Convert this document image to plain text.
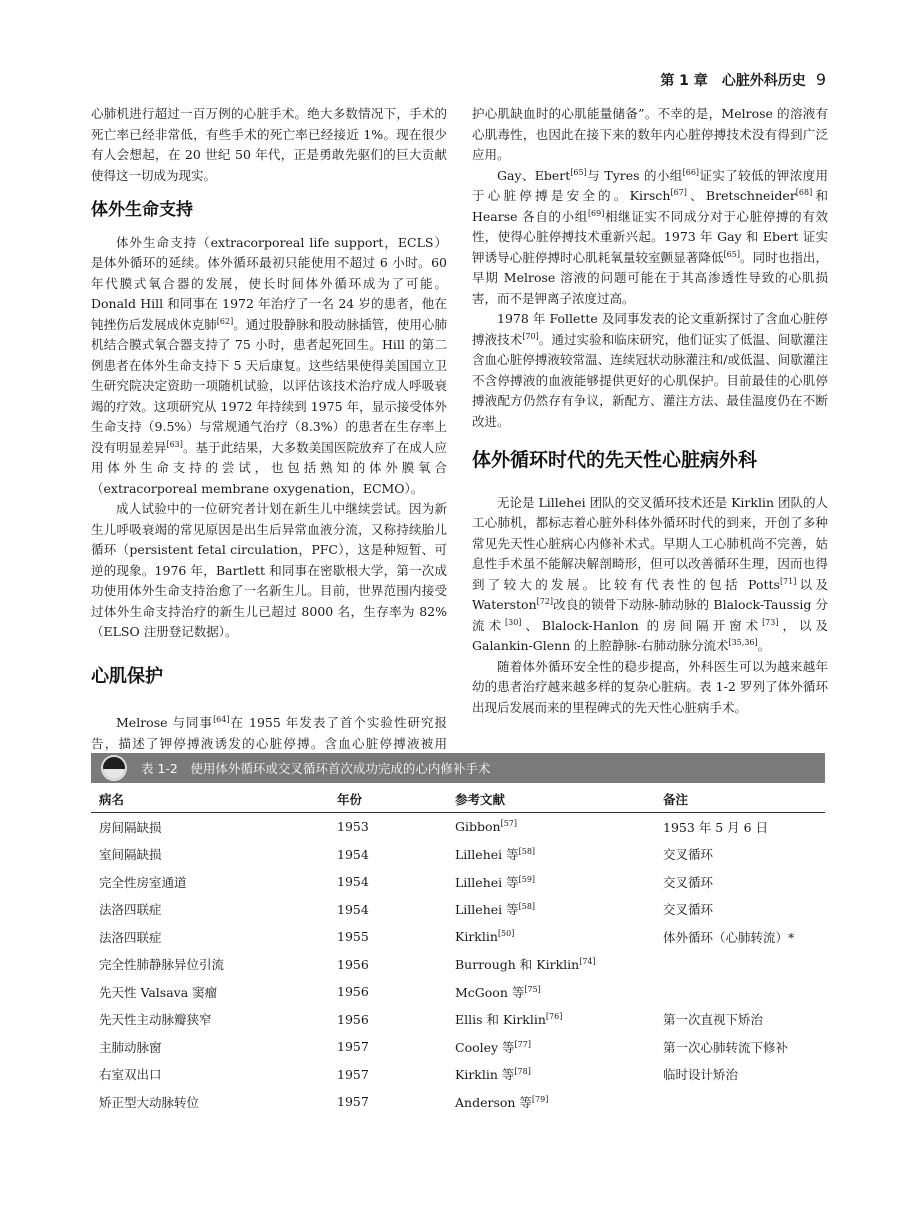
第 1 章　心脏外科历史 9

心肺机进行超过一百万例的心脏手术。绝大多数情况下，手术的死亡率已经非常低，有些手术的死亡率已经接近 1%。现在很少有人会想起，在 20 世纪 50 年代，正是勇敢先驱们的巨大贡献使得这一切成为现实。

体外生命支持

体外生命支持（extracorporeal life support，ECLS）是体外循环的延续。体外循环最初只能使用不超过 6 小时。60 年代膜式氧合器的发展，使长时间体外循环成为了可能。Donald Hill 和同事在 1972 年治疗了一名 24 岁的患者，他在钝挫伤后发展成休克肺[62]。通过股静脉和股动脉插管，使用心肺机结合膜式氧合器支持了 75 小时，患者起死回生。Hill 的第二例患者在体外生命支持下 5 天后康复。这些结果使得美国国立卫生研究院决定资助一项随机试验，以评估该技术治疗成人呼吸衰竭的疗效。这项研究从 1972 年持续到 1975 年，显示接受体外生命支持（9.5%）与常规通气治疗（8.3%）的患者在生存率上没有明显差异[63]。基于此结果，大多数美国医院放弃了在成人应用体外生命支持的尝试，也包括熟知的体外膜氧合（extracorporeal membrane oxygenation，ECMO）。

成人试验中的一位研究者计划在新生儿中继续尝试。因为新生儿呼吸衰竭的常见原因是出生后异常血液分流，又称持续胎儿循环（persistent fetal circulation，PFC），这是种短暂、可逆的现象。1976 年，Bartlett 和同事在密歇根大学，第一次成功使用体外生命支持治愈了一名新生儿。目前，世界范围内接受过体外生命支持治疗的新生儿已超过 8000 名，生存率为 82%（ELSO 注册登记数据）。

心肌保护

Melrose 与同事[64]在 1955 年发表了首个实验性研究报告，描述了钾停搏液诱发的心脏停搏。含血心脏停搏液被用

护心肌缺血时的心肌能量储备”。不幸的是，Melrose 的溶液有心肌毒性，也因此在接下来的数年内心脏停搏技术没有得到广泛应用。

Gay、Ebert[65]与 Tyres 的小组[66]证实了较低的钾浓度用于心脏停搏是安全的。Kirsch[67]、Bretschneider[68]和 Hearse 各自的小组[69]相继证实不同成分对于心脏停搏的有效性，使得心脏停搏技术重新兴起。1973 年 Gay 和 Ebert 证实钾诱导心脏停搏时心肌耗氧量较室颤显著降低[65]。同时也指出，早期 Melrose 溶液的问题可能在于其高渗透性导致的心肌损害，而不是钾离子浓度过高。

1978 年 Follette 及同事发表的论文重新探讨了含血心脏停搏液技术[70]。通过实验和临床研究，他们证实了低温、间歇灌注含血心脏停搏液较常温、连续冠状动脉灌注和/或低温、间歇灌注不含停搏液的血液能够提供更好的心肌保护。目前最佳的心肌停搏液配方仍然存有争议，新配方、灌注方法、最佳温度仍在不断改进。

体外循环时代的先天性心脏病外科

无论是 Lillehei 团队的交叉循环技术还是 Kirklin 团队的人工心肺机，都标志着心脏外科体外循环时代的到来，开创了多种常见先天性心脏病心内修补术式。早期人工心肺机尚不完善，姑息性手术虽不能解决解剖畸形，但可以改善循环生理，因而也得到了较大的发展。比较有代表性的包括 Potts[71]以及 Waterston[72]改良的锁骨下动脉-肺动脉的 Blalock-Taussig 分流术[30]、Blalock-Hanlon 的房间隔开窗术[73]，以及 Galankin-Glenn 的上腔静脉-右肺动脉分流术[35,36]。

随着体外循环安全性的稳步提高，外科医生可以为越来越年幼的患者治疗越来越多样的复杂心脏病。表 1-2 罗列了体外循环出现后发展而来的里程碑式的先天性心脏病手术。

表 1-2　使用体外循环或交叉循环首次成功完成的心内修补手术
病名	年份	参考文献	备注
房间隔缺损	1953	Gibbon[57]	1953 年 5 月 6 日
室间隔缺损	1954	Lillehei 等[58]	交叉循环
完全性房室通道	1954	Lillehei 等[59]	交叉循环
法洛四联症	1954	Lillehei 等[58]	交叉循环
法洛四联症	1955	Kirklin[50]	体外循环（心肺转流）*
完全性肺静脉异位引流	1956	Burrough 和 Kirklin[74]	
先天性 Valsava 窦瘤	1956	McGoon 等[75]	
先天性主动脉瓣狭窄	1956	Ellis 和 Kirklin[76]	第一次直视下矫治
主肺动脉窗	1957	Cooley 等[77]	第一次心肺转流下修补
右室双出口	1957	Kirklin 等[78]	临时设计矫治
矫正型大动脉转位	1957	Anderson 等[79]	
